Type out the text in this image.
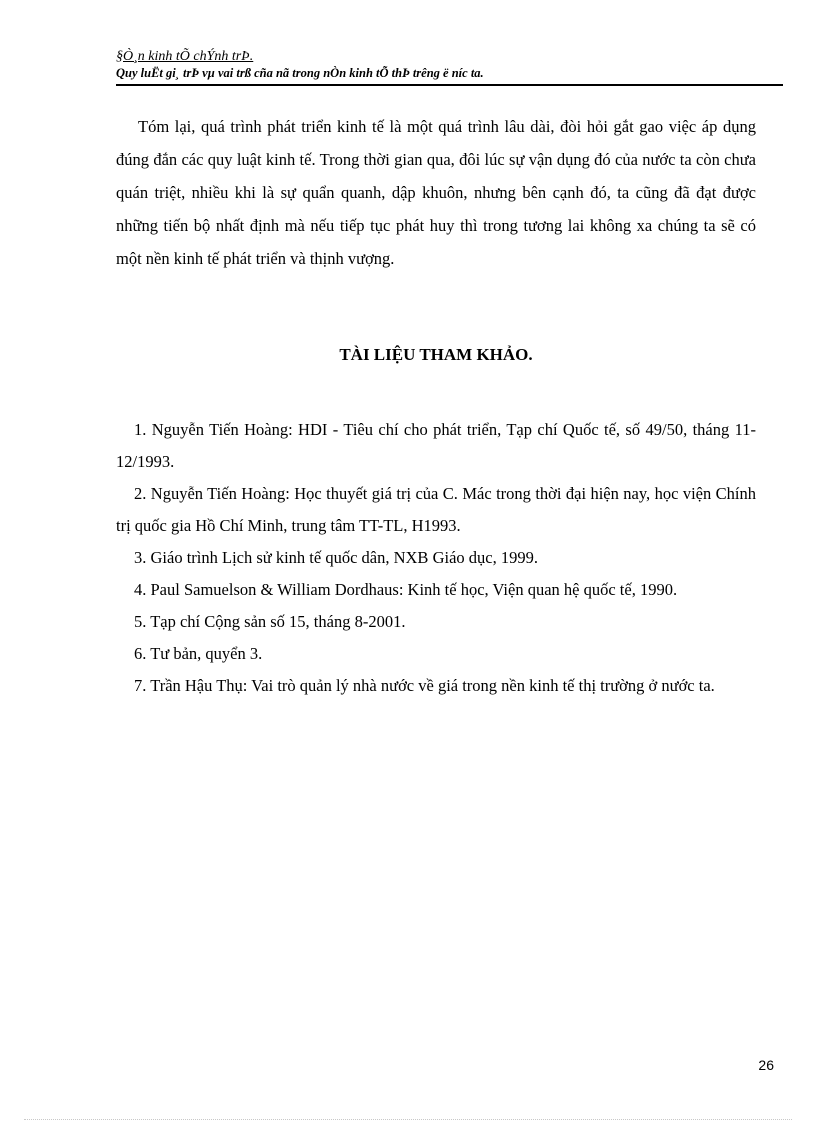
§Ò¸n kinh tÕ chÝnh trÞ.
Quy luËt gi¸ trÞ vµ vai trß cña nã trong nÒn kinh tÕ thÞ trêng ë níc ta.

Tóm lại, quá trình phát triển kinh tế là một quá trình lâu dài, đòi hỏi gắt gao việc áp dụng đúng đắn các quy luật kinh tế. Trong thời gian qua, đôi lúc sự vận dụng đó của nước ta còn chưa quán triệt, nhiều khi là sự quẩn quanh, dập khuôn, nhưng bên cạnh đó, ta cũng đã đạt được những tiến bộ nhất định mà nếu tiếp tục phát huy thì trong tương lai không xa chúng ta sẽ có một nền kinh tế phát triển và thịnh vượng.

TÀI LIỆU THAM KHẢO.
1. Nguyễn Tiến Hoàng: HDI - Tiêu chí cho phát triển, Tạp chí Quốc tế, số 49/50, tháng 11-12/1993.
2. Nguyễn Tiến Hoàng: Học thuyết giá trị của C. Mác trong thời đại hiện nay, học viện Chính trị quốc gia Hồ Chí Minh, trung tâm TT-TL, H1993.
3. Giáo trình Lịch sử kinh tế quốc dân, NXB Giáo dục, 1999.
4. Paul Samuelson & William Dordhaus: Kinh tế học, Viện quan hệ quốc tế, 1990.
5. Tạp chí Cộng sản số 15, tháng 8-2001.
6. Tư bản, quyển 3.
7. Trần Hậu Thụ: Vai trò quản lý nhà nước về giá trong nền kinh tế thị trường ở nước ta.
26
